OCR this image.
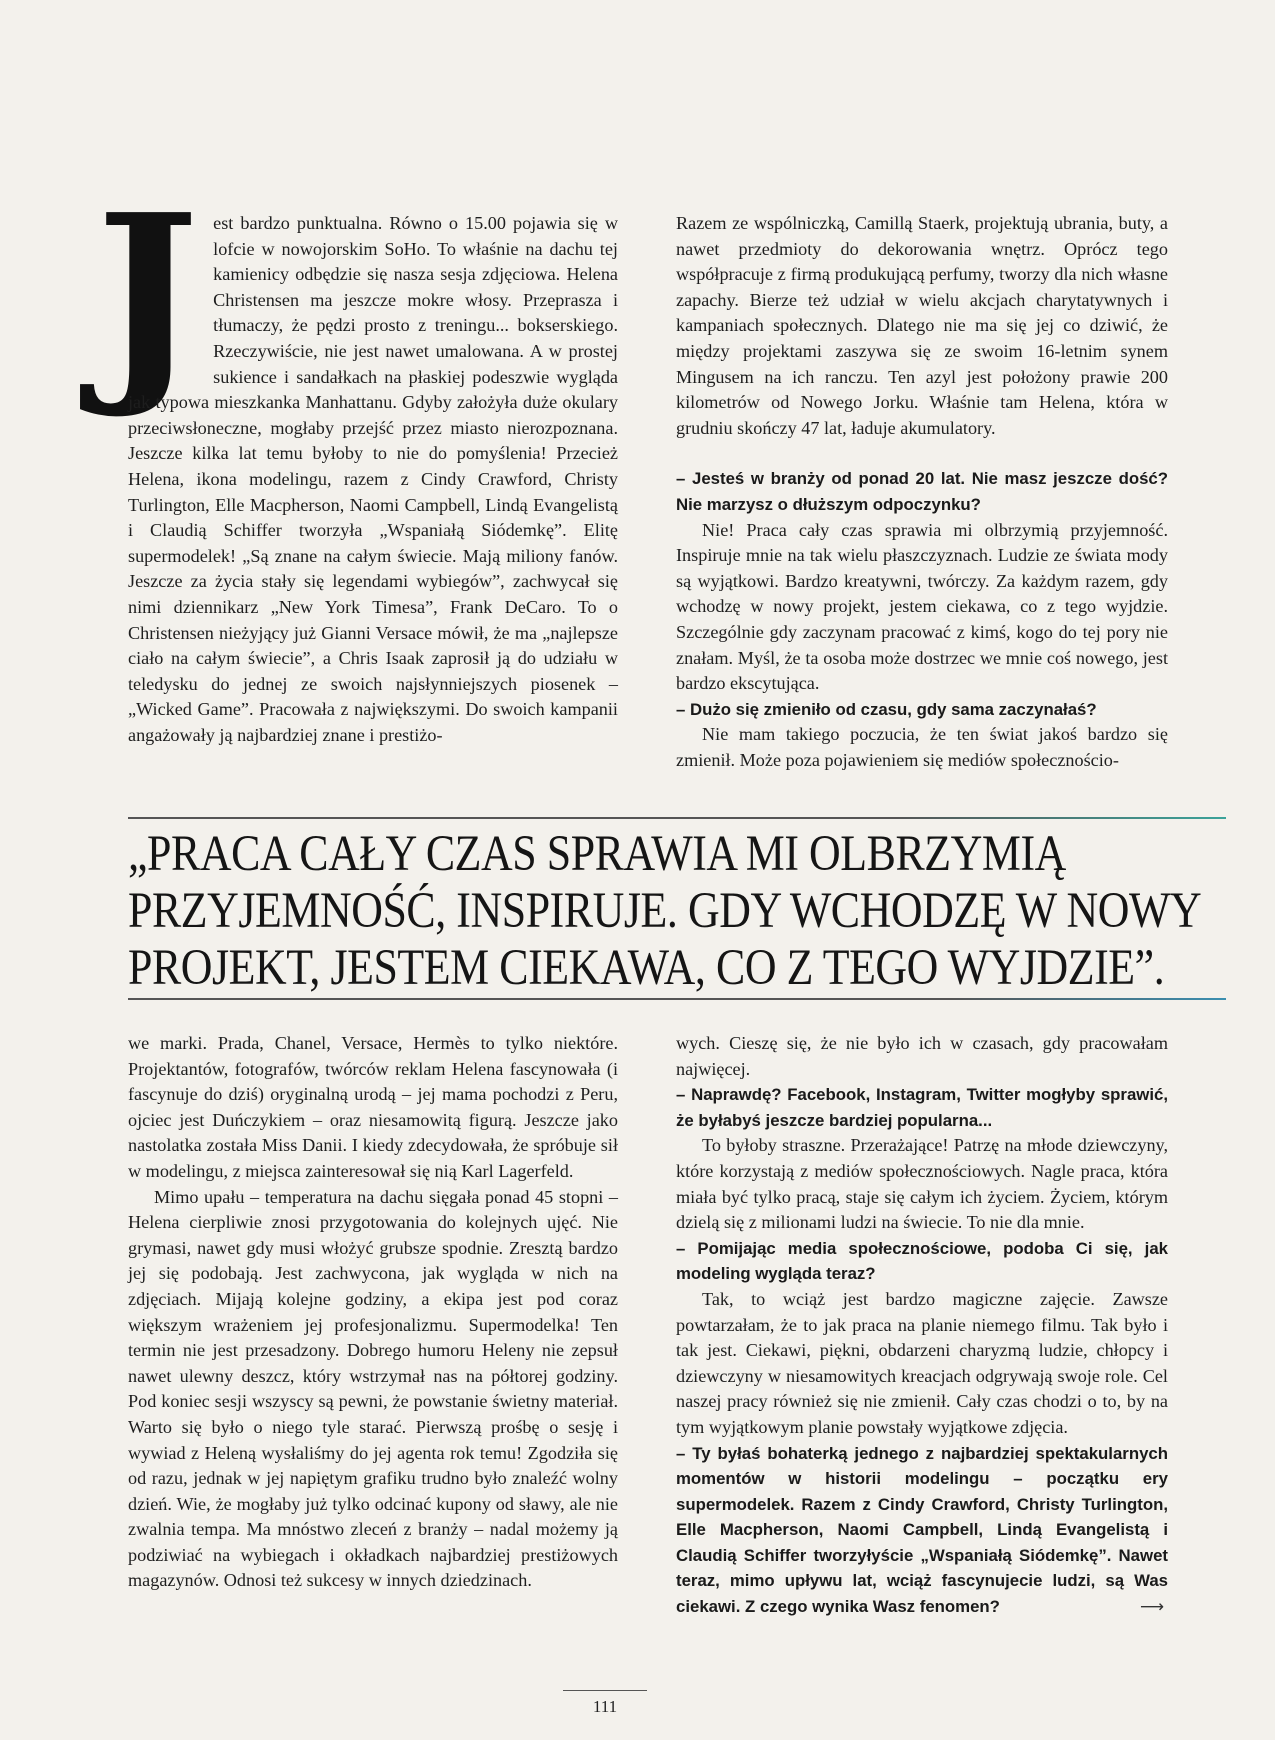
J est bardzo punktualna. Równo o 15.00 pojawia się w lofcie w nowojorskim SoHo. To właśnie na dachu tej kamienicy odbędzie się nasza sesja zdjęciowa. Helena Christensen ma jeszcze mokre włosy. Przeprasza i tłumaczy, że pędzi prosto z treningu... bokserskiego. Rzeczywiście, nie jest nawet umalowana. A w prostej sukience i sandałkach na płaskiej podeszwie wygląda jak typowa mieszkanka Manhattanu. Gdyby założyła duże okulary przeciwsłoneczne, mogłaby przejść przez miasto nierozpoznana. Jeszcze kilka lat temu byłoby to nie do pomyślenia! Przecież Helena, ikona modelingu, razem z Cindy Crawford, Christy Turlington, Elle Macpherson, Naomi Campbell, Lindą Evangelistą i Claudią Schiffer tworzyła „Wspaniałą Siódemkę”. Elitę supermodelek! „Są znane na całym świecie. Mają miliony fanów. Jeszcze za życia stały się legendami wybiegów”, zachwycał się nimi dziennikarz „New York Timesa”, Frank DeCaro. To o Christensen nieżyjący już Gianni Versace mówił, że ma „najlepsze ciało na całym świecie”, a Chris Isaak zaprosił ją do udziału w teledysku do jednej ze swoich najsłynniejszych piosenek – „Wicked Game”. Pracowała z największymi. Do swoich kampanii angażowały ją najbardziej znane i prestiżo-

Razem ze wspólniczką, Camillą Staerk, projektują ubrania, buty, a nawet przedmioty do dekorowania wnętrz. Oprócz tego współpracuje z firmą produkującą perfumy, tworzy dla nich własne zapachy. Bierze też udział w wielu akcjach charytatywnych i kampaniach społecznych. Dlatego nie ma się jej co dziwić, że między projektami zaszywa się ze swoim 16-letnim synem Mingusem na ich ranczu. Ten azyl jest położony prawie 200 kilometrów od Nowego Jorku. Właśnie tam Helena, która w grudniu skończy 47 lat, ładuje akumulatory.

– Jesteś w branży od ponad 20 lat. Nie masz jeszcze dość? Nie marzysz o dłuższym odpoczynku?

Nie! Praca cały czas sprawia mi olbrzymią przyjemność. Inspiruje mnie na tak wielu płaszczyznach. Ludzie ze świata mody są wyjątkowi. Bardzo kreatywni, twórczy. Za każdym razem, gdy wchodzę w nowy projekt, jestem ciekawa, co z tego wyjdzie. Szczególnie gdy zaczynam pracować z kimś, kogo do tej pory nie znałam. Myśl, że ta osoba może dostrzec we mnie coś nowego, jest bardzo ekscytująca.

– Dużo się zmieniło od czasu, gdy sama zaczynałaś?

Nie mam takiego poczucia, że ten świat jakoś bardzo się zmienił. Może poza pojawieniem się mediów społecznościo-

„PRACA CAŁY CZAS SPRAWIA MI OLBRZYMIĄ
PRZYJEMNOŚĆ, INSPIRUJE. GDY WCHODZĘ W NOWY
PROJEKT, JESTEM CIEKAWA, CO Z TEGO WYJDZIE”.

we marki. Prada, Chanel, Versace, Hermès to tylko niektóre. Projektantów, fotografów, twórców reklam Helena fascynowała (i fascynuje do dziś) oryginalną urodą – jej mama pochodzi z Peru, ojciec jest Duńczykiem – oraz niesamowitą figurą. Jeszcze jako nastolatka została Miss Danii. I kiedy zdecydowała, że spróbuje sił w modelingu, z miejsca zainteresował się nią Karl Lagerfeld.

Mimo upału – temperatura na dachu sięgała ponad 45 stopni – Helena cierpliwie znosi przygotowania do kolejnych ujęć. Nie grymasi, nawet gdy musi włożyć grubsze spodnie. Zresztą bardzo jej się podobają. Jest zachwycona, jak wygląda w nich na zdjęciach. Mijają kolejne godziny, a ekipa jest pod coraz większym wrażeniem jej profesjonalizmu. Supermodelka! Ten termin nie jest przesadzony. Dobrego humoru Heleny nie zepsuł nawet ulewny deszcz, który wstrzymał nas na półtorej godziny. Pod koniec sesji wszyscy są pewni, że powstanie świetny materiał. Warto się było o niego tyle starać. Pierwszą prośbę o sesję i wywiad z Heleną wysłaliśmy do jej agenta rok temu! Zgodziła się od razu, jednak w jej napiętym grafiku trudno było znaleźć wolny dzień. Wie, że mogłaby już tylko odcinać kupony od sławy, ale nie zwalnia tempa. Ma mnóstwo zleceń z branży – nadal możemy ją podziwiać na wybiegach i okładkach najbardziej prestiżowych magazynów. Odnosi też sukcesy w innych dziedzinach.

wych. Cieszę się, że nie było ich w czasach, gdy pracowałam najwięcej.

– Naprawdę? Facebook, Instagram, Twitter mogłyby sprawić, że byłabyś jeszcze bardziej popularna...

To byłoby straszne. Przerażające! Patrzę na młode dziewczyny, które korzystają z mediów społecznościowych. Nagle praca, która miała być tylko pracą, staje się całym ich życiem. Życiem, którym dzielą się z milionami ludzi na świecie. To nie dla mnie.

– Pomijając media społecznościowe, podoba Ci się, jak modeling wygląda teraz?

Tak, to wciąż jest bardzo magiczne zajęcie. Zawsze powtarzałam, że to jak praca na planie niemego filmu. Tak było i tak jest. Ciekawi, piękni, obdarzeni charyzmą ludzie, chłopcy i dziewczyny w niesamowitych kreacjach odgrywają swoje role. Cel naszej pracy również się nie zmienił. Cały czas chodzi o to, by na tym wyjątkowym planie powstały wyjątkowe zdjęcia.

– Ty byłaś bohaterką jednego z najbardziej spektakularnych momentów w historii modelingu – początku ery supermodelek. Razem z Cindy Crawford, Christy Turlington, Elle Macpherson, Naomi Campbell, Lindą Evangelistą i Claudią Schiffer tworzyłyście „Wspaniałą Siódemkę”. Nawet teraz, mimo upływu lat, wciąż fascynujecie ludzi, są Was ciekawi. Z czego wynika Wasz fenomen?	⟶

111
